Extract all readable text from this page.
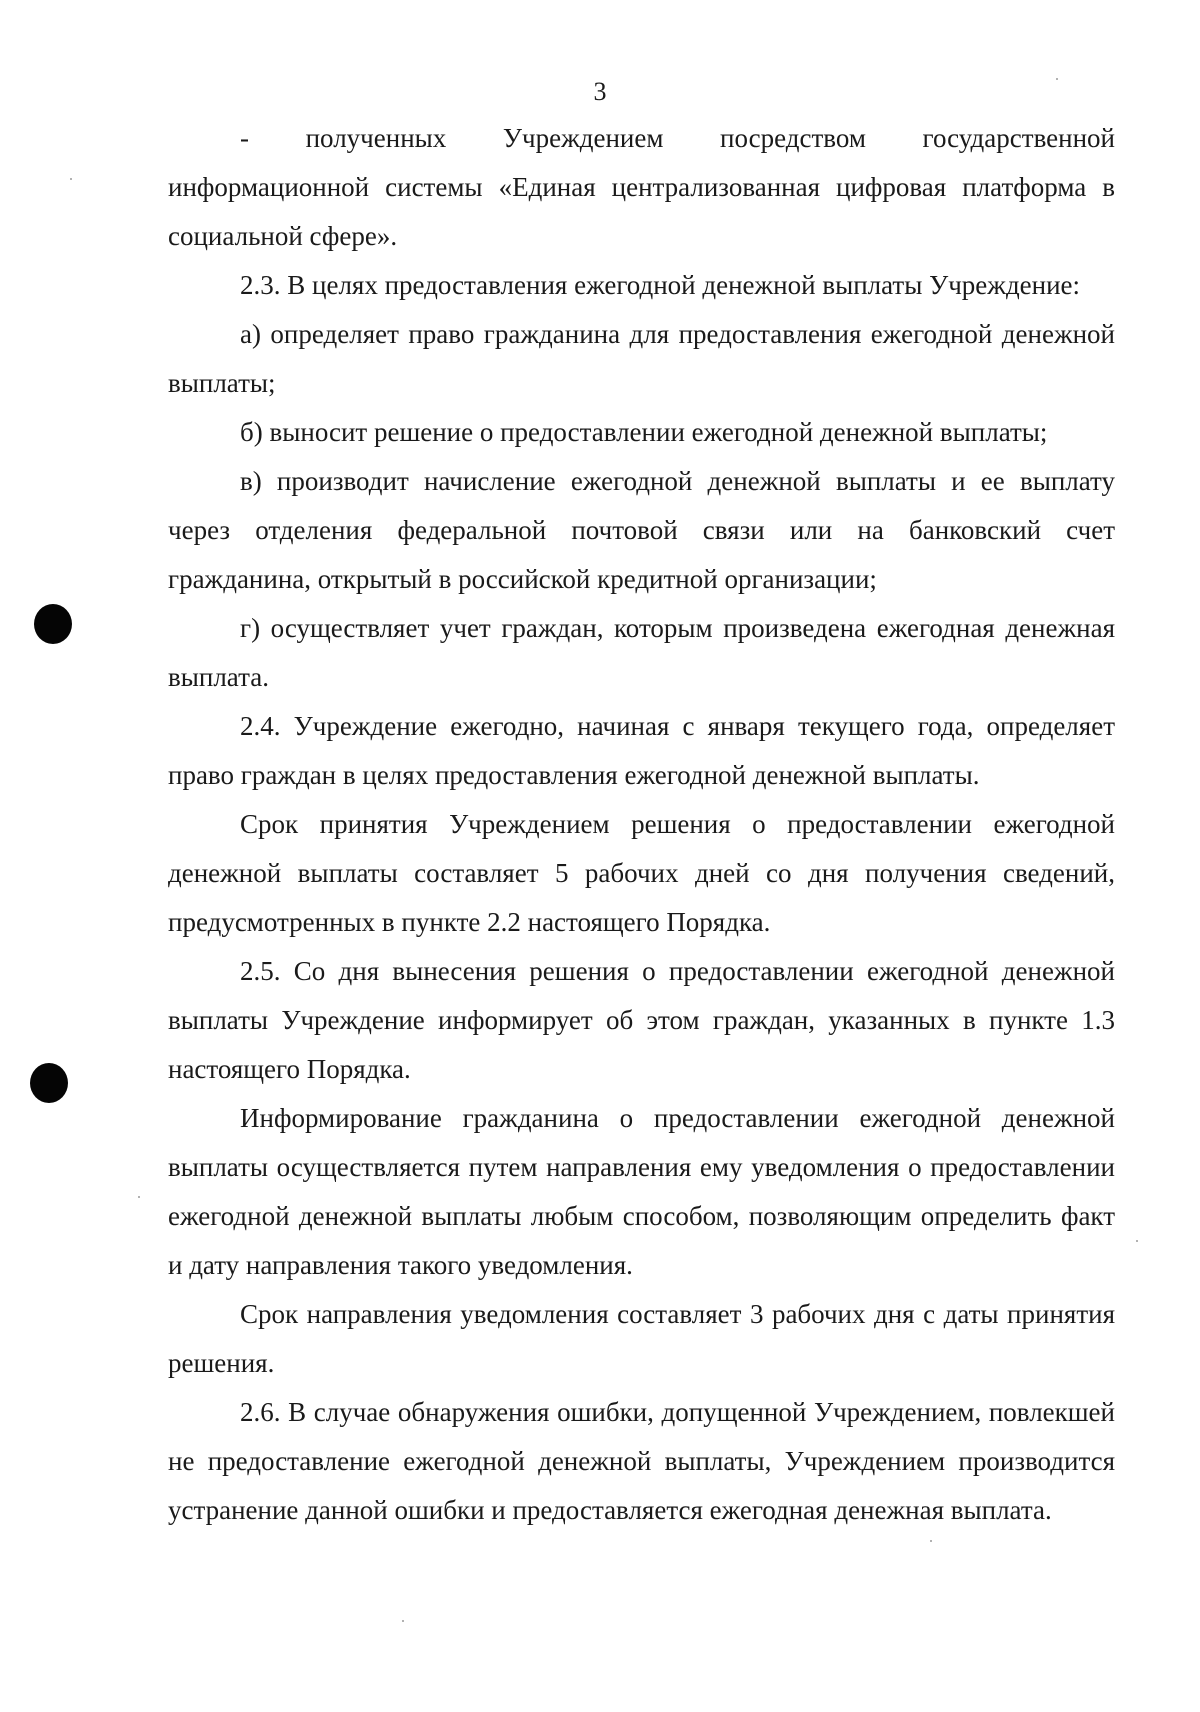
3

- полученных Учреждением посредством государственной информационной системы «Единая централизованная цифровая платформа в социальной сфере».

2.3. В целях предоставления ежегодной денежной выплаты Учреждение:

а) определяет право гражданина для предоставления ежегодной денежной выплаты;

б) выносит решение о предоставлении ежегодной денежной выплаты;

в) производит начисление ежегодной денежной выплаты и ее выплату через отделения федеральной почтовой связи или на банковский счет гражданина, открытый в российской кредитной организации;

г) осуществляет учет граждан, которым произведена ежегодная денежная выплата.

2.4. Учреждение ежегодно, начиная с января текущего года, определяет право граждан в целях предоставления ежегодной денежной выплаты.

Срок принятия Учреждением решения о предоставлении ежегодной денежной выплаты составляет 5 рабочих дней со дня получения сведений, предусмотренных в пункте 2.2 настоящего Порядка.

2.5. Со дня вынесения решения о предоставлении ежегодной денежной выплаты Учреждение информирует об этом граждан, указанных в пункте 1.3 настоящего Порядка.

Информирование гражданина о предоставлении ежегодной денежной выплаты осуществляется путем направления ему уведомления о предоставлении ежегодной денежной выплаты любым способом, позволяющим определить факт и дату направления такого уведомления.

Срок направления уведомления составляет 3 рабочих дня с даты принятия решения.

2.6. В случае обнаружения ошибки, допущенной Учреждением, повлекшей не предоставление ежегодной денежной выплаты, Учреждением производится устранение данной ошибки и предоставляется ежегодная денежная выплата.
